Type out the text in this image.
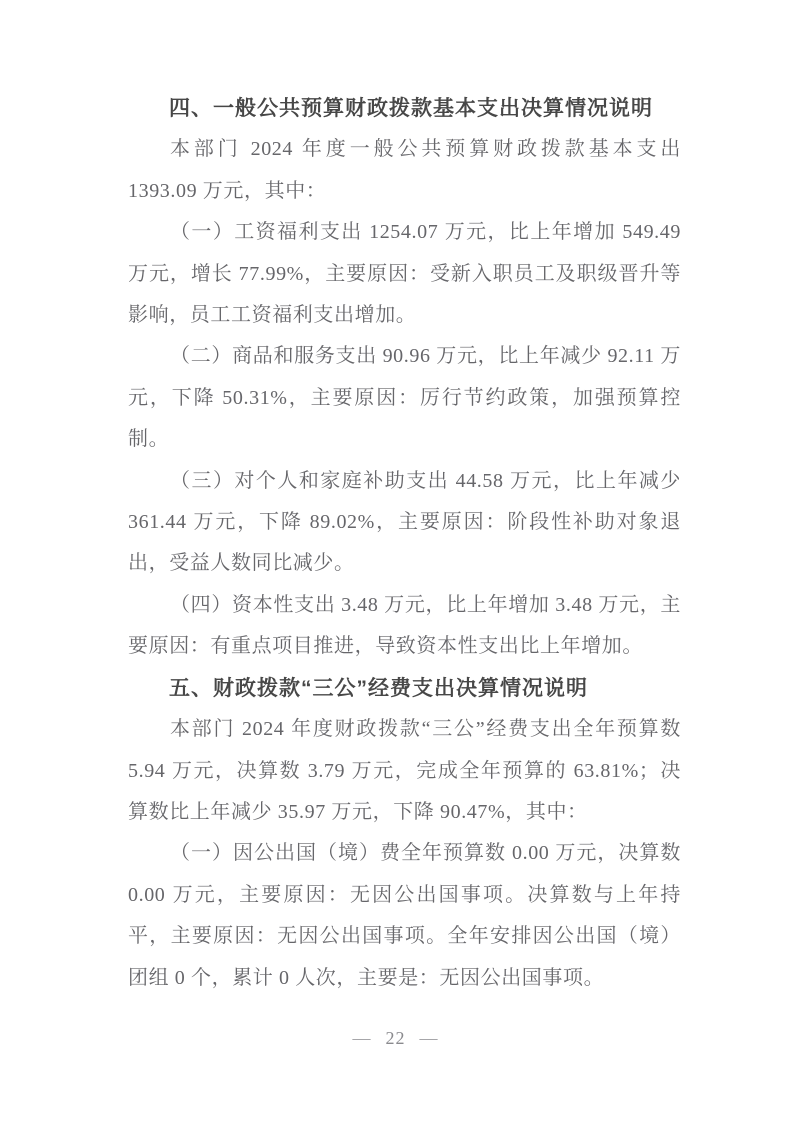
四、一般公共预算财政拨款基本支出决算情况说明
本部门 2024 年度一般公共预算财政拨款基本支出 1393.09 万元，其中：
（一）工资福利支出 1254.07 万元，比上年增加 549.49 万元，增长 77.99%，主要原因：受新入职员工及职级晋升等影响，员工工资福利支出增加。
（二）商品和服务支出 90.96 万元，比上年减少 92.11 万元，下降 50.31%，主要原因：厉行节约政策，加强预算控制。
（三）对个人和家庭补助支出 44.58 万元，比上年减少 361.44 万元，下降 89.02%，主要原因：阶段性补助对象退出，受益人数同比减少。
（四）资本性支出 3.48 万元，比上年增加 3.48 万元，主要原因：有重点项目推进，导致资本性支出比上年增加。
五、财政拨款“三公”经费支出决算情况说明
本部门 2024 年度财政拨款“三公”经费支出全年预算数 5.94 万元，决算数 3.79 万元，完成全年预算的 63.81%；决算数比上年减少 35.97 万元，下降 90.47%，其中：
（一）因公出国（境）费全年预算数 0.00 万元，决算数 0.00 万元，主要原因：无因公出国事项。决算数与上年持平，主要原因：无因公出国事项。全年安排因公出国（境）团组 0 个，累计 0 人次，主要是：无因公出国事项。
— 22 —
